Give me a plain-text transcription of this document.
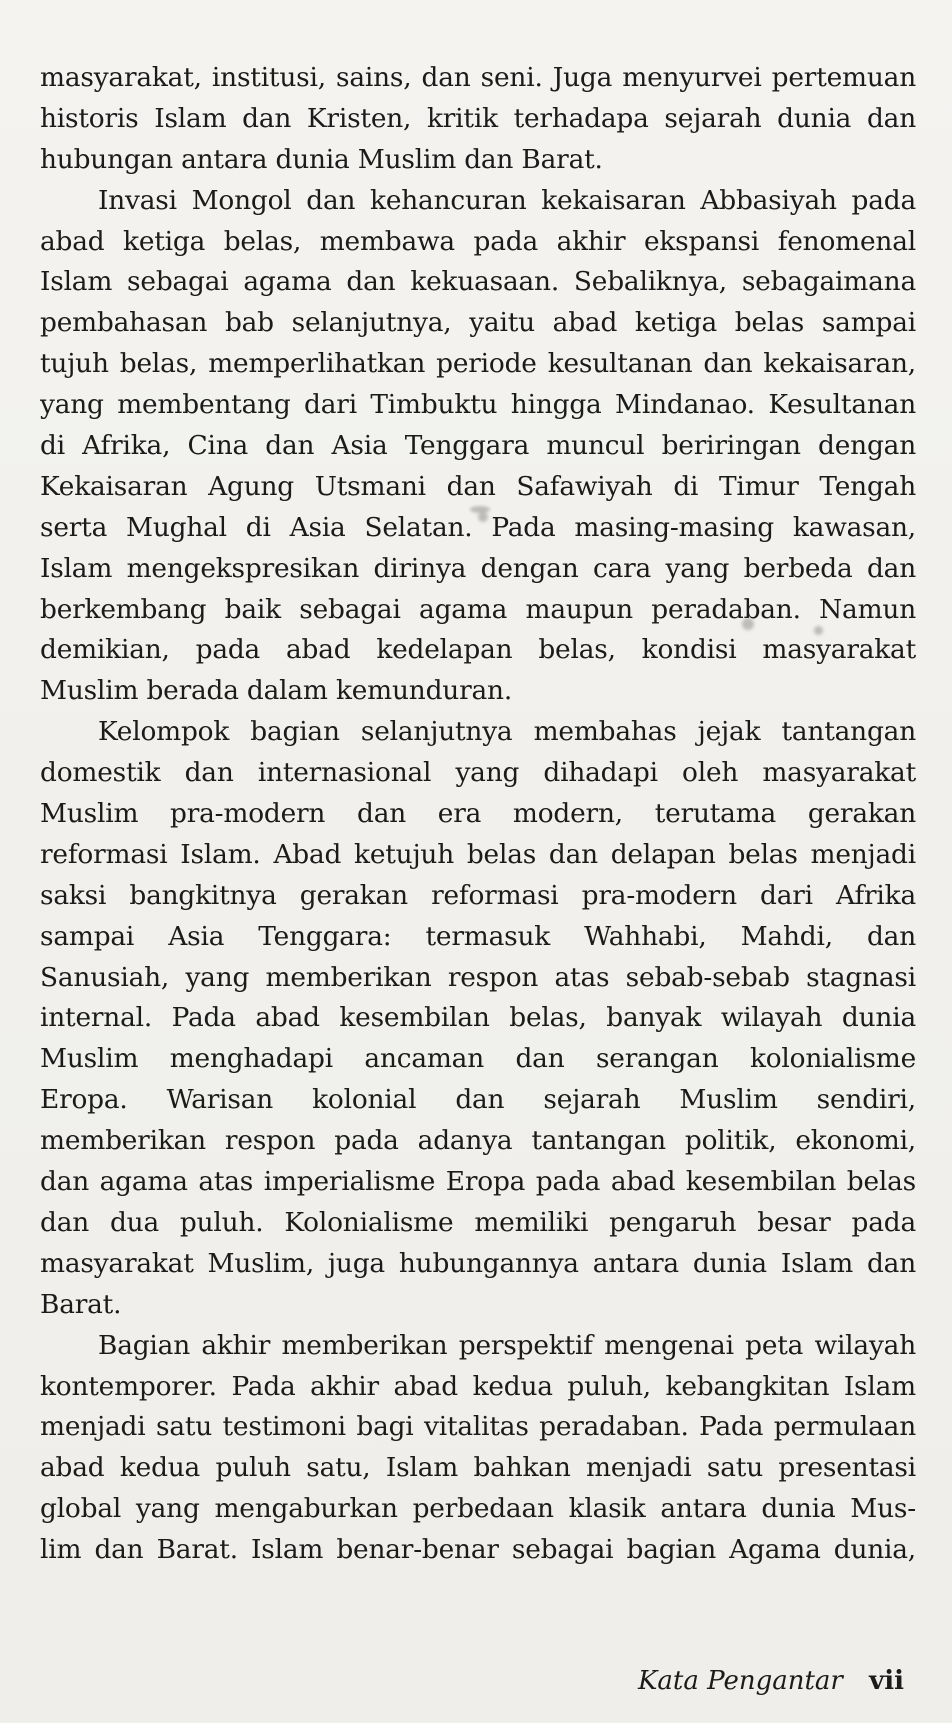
masyarakat, institusi, sains, dan seni. Juga menyurvei pertemuan
historis Islam dan Kristen, kritik terhadapa sejarah dunia dan
hubungan antara dunia Muslim dan Barat.
Invasi Mongol dan kehancuran kekaisaran Abbasiyah pada
abad ketiga belas, membawa pada akhir ekspansi fenomenal
Islam sebagai agama dan kekuasaan. Sebaliknya, sebagaimana
pembahasan bab selanjutnya, yaitu abad ketiga belas sampai
tujuh belas, memperlihatkan periode kesultanan dan kekaisaran,
yang membentang dari Timbuktu hingga Mindanao. Kesultanan
di Afrika, Cina dan Asia Tenggara muncul beriringan dengan
Kekaisaran Agung Utsmani dan Safawiyah di Timur Tengah
serta Mughal di Asia Selatan. Pada masing-masing kawasan,
Islam mengekspresikan dirinya dengan cara yang berbeda dan
berkembang baik sebagai agama maupun peradaban. Namun
demikian, pada abad kedelapan belas, kondisi masyarakat
Muslim berada dalam kemunduran.
Kelompok bagian selanjutnya membahas jejak tantangan
domestik dan internasional yang dihadapi oleh masyarakat
Muslim pra-modern dan era modern, terutama gerakan
reformasi Islam. Abad ketujuh belas dan delapan belas menjadi
saksi bangkitnya gerakan reformasi pra-modern dari Afrika
sampai Asia Tenggara: termasuk Wahhabi, Mahdi, dan
Sanusiah, yang memberikan respon atas sebab-sebab stagnasi
internal. Pada abad kesembilan belas, banyak wilayah dunia
Muslim menghadapi ancaman dan serangan kolonialisme
Eropa. Warisan kolonial dan sejarah Muslim sendiri,
memberikan respon pada adanya tantangan politik, ekonomi,
dan agama atas imperialisme Eropa pada abad kesembilan belas
dan dua puluh. Kolonialisme memiliki pengaruh besar pada
masyarakat Muslim, juga hubungannya antara dunia Islam dan
Barat.
Bagian akhir memberikan perspektif mengenai peta wilayah
kontemporer. Pada akhir abad kedua puluh, kebangkitan Islam
menjadi satu testimoni bagi vitalitas peradaban. Pada permulaan
abad kedua puluh satu, Islam bahkan menjadi satu presentasi
global yang mengaburkan perbedaan klasik antara dunia Mus-
lim dan Barat. Islam benar-benar sebagai bagian Agama dunia,
Kata Pengantar vii
